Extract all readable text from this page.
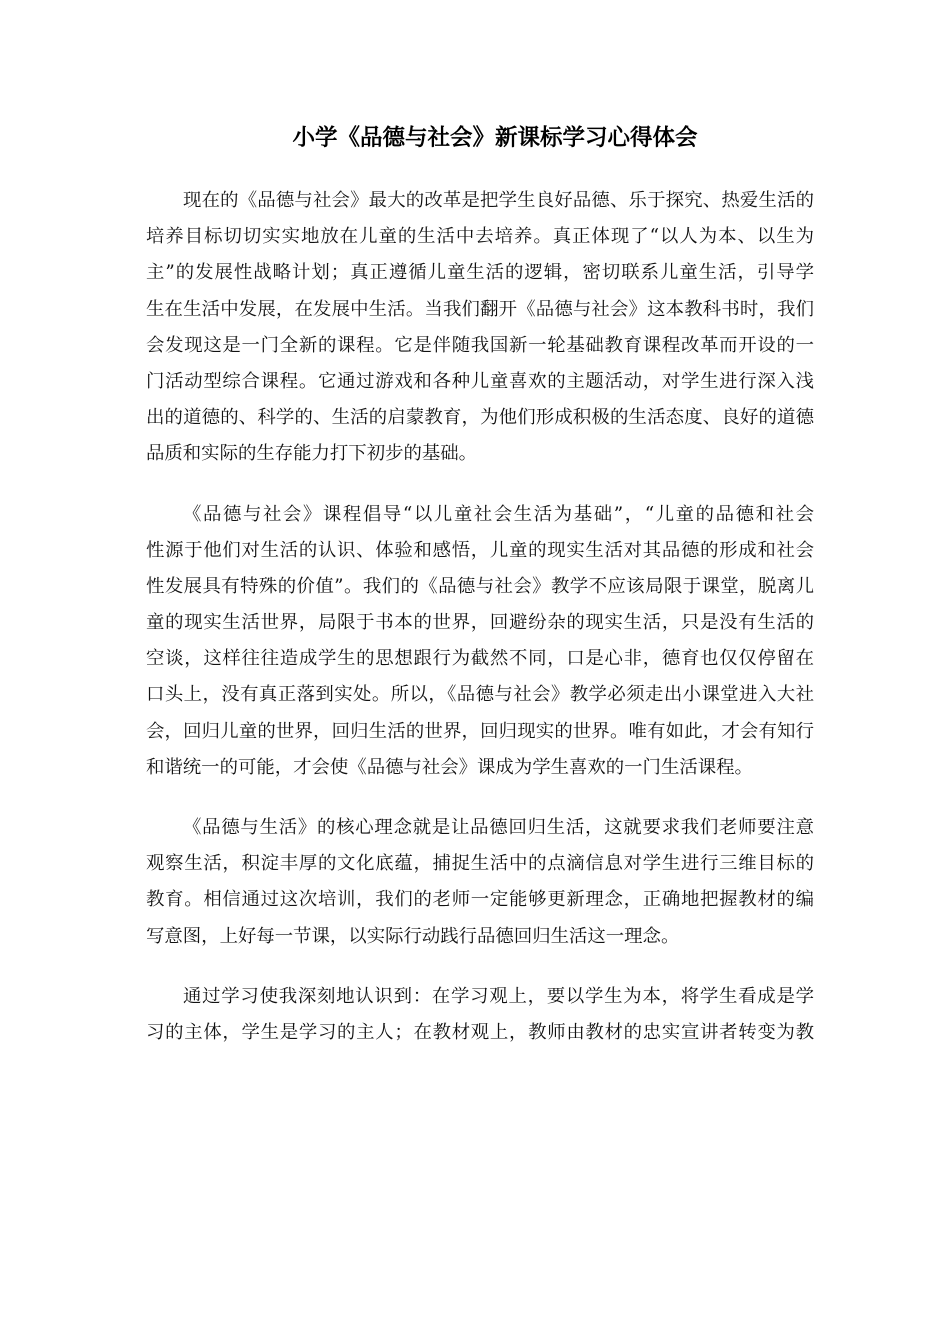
小学《品德与社会》新课标学习心得体会
现在的《品德与社会》最大的改革是把学生良好品德、乐于探究、热爱生活的
培养目标切切实实地放在儿童的生活中去培养。真正体现了“以人为本、以生为
主”的发展性战略计划；真正遵循儿童生活的逻辑，密切联系儿童生活，引导学
生在生活中发展，在发展中生活。当我们翻开《品德与社会》这本教科书时，我们
会发现这是一门全新的课程。它是伴随我国新一轮基础教育课程改革而开设的一
门活动型综合课程。它通过游戏和各种儿童喜欢的主题活动，对学生进行深入浅
出的道德的、科学的、生活的启蒙教育，为他们形成积极的生活态度、良好的道德
品质和实际的生存能力打下初步的基础。
《品德与社会》课程倡导“以儿童社会生活为基础”，“儿童的品德和社会
性源于他们对生活的认识、体验和感悟，儿童的现实生活对其品德的形成和社会
性发展具有特殊的价值”。我们的《品德与社会》教学不应该局限于课堂，脱离儿
童的现实生活世界，局限于书本的世界，回避纷杂的现实生活，只是没有生活的
空谈，这样往往造成学生的思想跟行为截然不同，口是心非，德育也仅仅停留在
口头上，没有真正落到实处。所以，《品德与社会》教学必须走出小课堂进入大社
会，回归儿童的世界，回归生活的世界，回归现实的世界。唯有如此，才会有知行
和谐统一的可能，才会使《品德与社会》课成为学生喜欢的一门生活课程。
《品德与生活》的核心理念就是让品德回归生活，这就要求我们老师要注意
观察生活，积淀丰厚的文化底蕴，捕捉生活中的点滴信息对学生进行三维目标的
教育。相信通过这次培训，我们的老师一定能够更新理念，正确地把握教材的编
写意图，上好每一节课，以实际行动践行品德回归生活这一理念。
通过学习使我深刻地认识到：在学习观上，要以学生为本，将学生看成是学
习的主体，学生是学习的主人；在教材观上，教师由教材的忠实宣讲者转变为教
